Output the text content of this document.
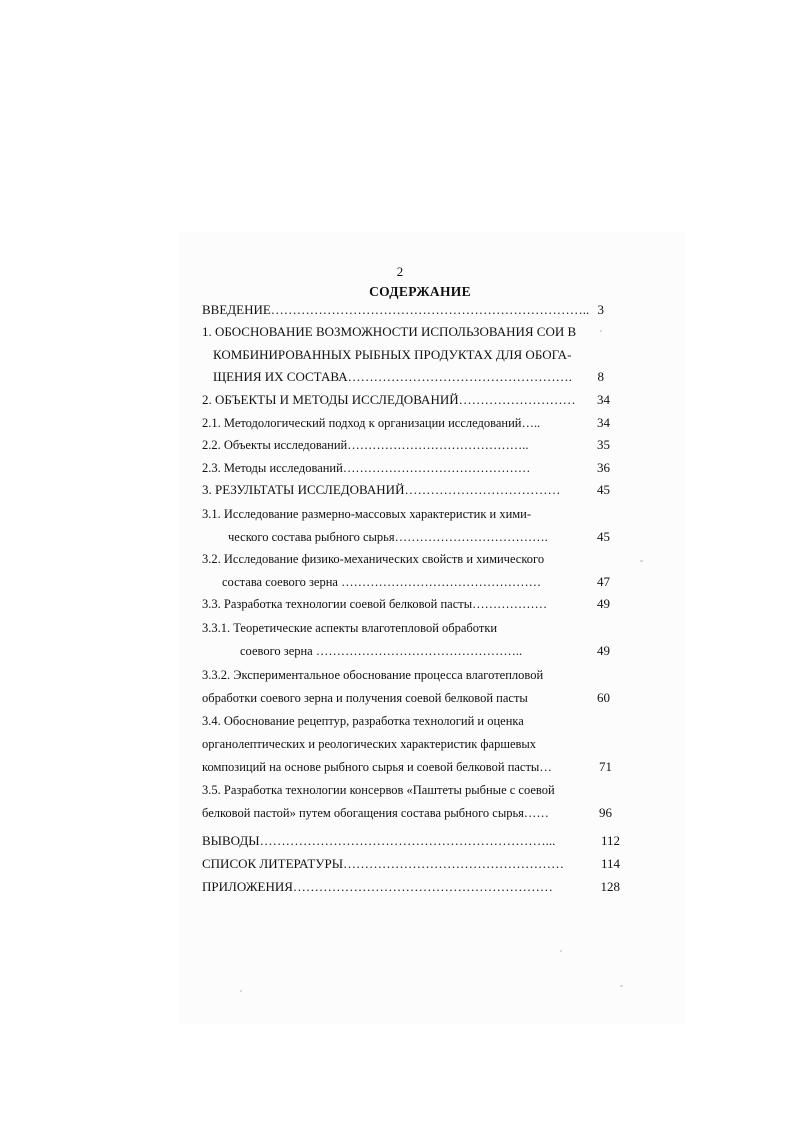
2
СОДЕРЖАНИЕ
ВВЕДЕНИЕ……………………………………………………………….. 3
1. ОБОСНОВАНИЕ ВОЗМОЖНОСТИ ИСПОЛЬЗОВАНИЯ СОИ В
КОМБИНИРОВАННЫХ РЫБНЫХ ПРОДУКТАХ ДЛЯ ОБОГА-
ЩЕНИЯ ИХ СОСТАВА…………………………………………….	8
2. ОБЪЕКТЫ И МЕТОДЫ ИССЛЕДОВАНИЙ………………………	34
2.1. Методологический подход к организации исследований…..	34
2.2. Объекты исследований……………………………………..	35
2.3. Методы исследований………………………………………	36
3. РЕЗУЛЬТАТЫ ИССЛЕДОВАНИЙ………………………………	45
3.1. Исследование размерно-массовых характеристик и хими-
ческого состава рыбного сырья……………………………….	45
3.2. Исследование физико-механических свойств и химического
состава соевого зерна …………………………………………	47
3.3. Разработка технологии соевой белковой пасты………………	49
3.3.1. Теоретические аспекты влаготепловой обработки
соевого зерна …………………………………………..	49
3.3.2. Экспериментальное обоснование процесса влаготепловой
обработки соевого зерна и получения соевой белковой пасты	60
3.4. Обоснование рецептур, разработка технологий и оценка
органолептических и реологических характеристик фаршевых
композиций на основе рыбного сырья и соевой белковой пасты…	71
3.5. Разработка технологии консервов «Паштеты рыбные с соевой
белковой пастой» путем обогащения состава рыбного сырья……	96
ВЫВОДЫ…………………………………………………………...	112
СПИСОК ЛИТЕРАТУРЫ……………………………………………	114
ПРИЛОЖЕНИЯ……………………………………………………	128
